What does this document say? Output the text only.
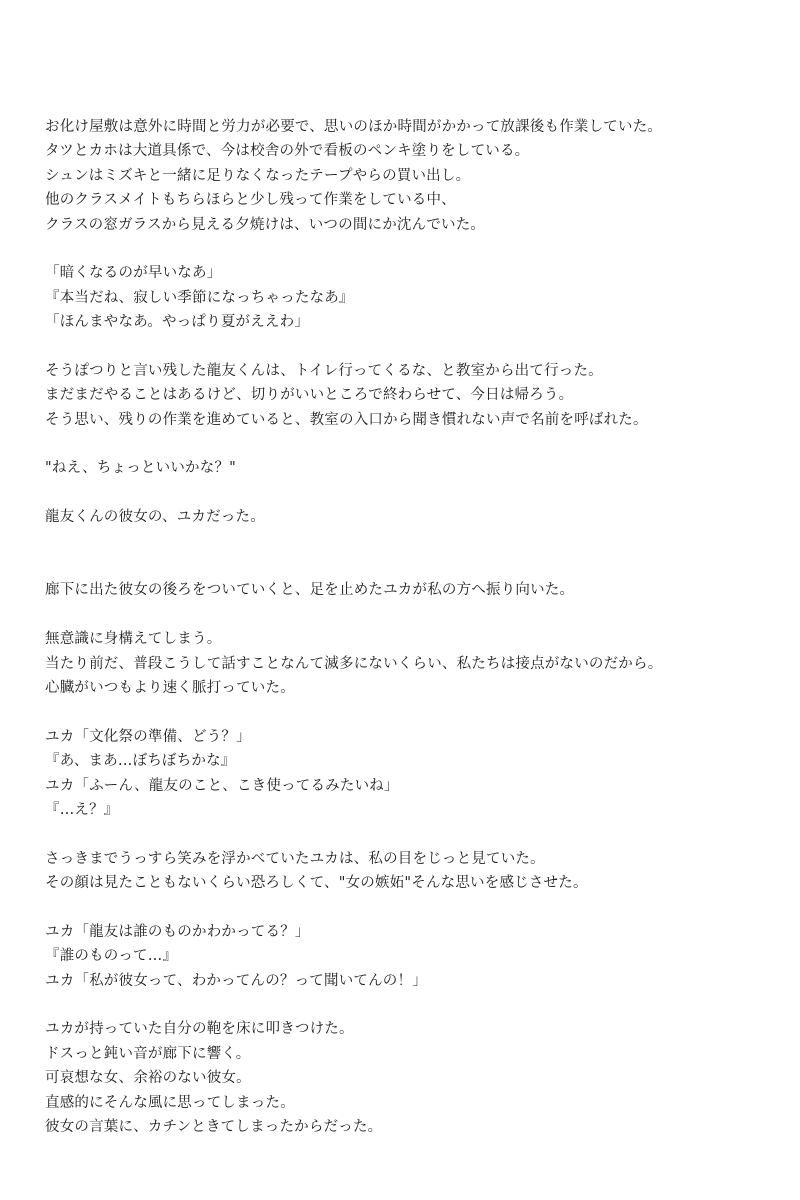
お化け屋敷は意外に時間と労力が必要で、思いのほか時間がかかって放課後も作業していた。
タツとカホは大道具係で、今は校舎の外で看板のペンキ塗りをしている。
シュンはミズキと一緒に足りなくなったテープやらの買い出し。
他のクラスメイトもちらほらと少し残って作業をしている中、
クラスの窓ガラスから見える夕焼けは、いつの間にか沈んでいた。
「暗くなるのが早いなあ」
『本当だね、寂しい季節になっちゃったなあ』
「ほんまやなあ。やっぱり夏がええわ」
そうぽつりと言い残した龍友くんは、トイレ行ってくるな、と教室から出て行った。
まだまだやることはあるけど、切りがいいところで終わらせて、今日は帰ろう。
そう思い、残りの作業を進めていると、教室の入口から聞き慣れない声で名前を呼ばれた。
"ねえ、ちょっといいかな？"
龍友くんの彼女の、ユカだった。
廊下に出た彼女の後ろをついていくと、足を止めたユカが私の方へ振り向いた。
無意識に身構えてしまう。
当たり前だ、普段こうして話すことなんて滅多にないくらい、私たちは接点がないのだから。
心臓がいつもより速く脈打っていた。
ユカ「文化祭の準備、どう？」
『あ、まあ…ぼちぼちかな』
ユカ「ふーん、龍友のこと、こき使ってるみたいね」
『…え？』
さっきまでうっすら笑みを浮かべていたユカは、私の目をじっと見ていた。
その顔は見たこともないくらい恐ろしくて、"女の嫉妬"そんな思いを感じさせた。
ユカ「龍友は誰のものかわかってる？」
『誰のものって…』
ユカ「私が彼女って、わかってんの？って聞いてんの！」
ユカが持っていた自分の鞄を床に叩きつけた。
ドスっと鈍い音が廊下に響く。
可哀想な女、余裕のない彼女。
直感的にそんな風に思ってしまった。
彼女の言葉に、カチンときてしまったからだった。
